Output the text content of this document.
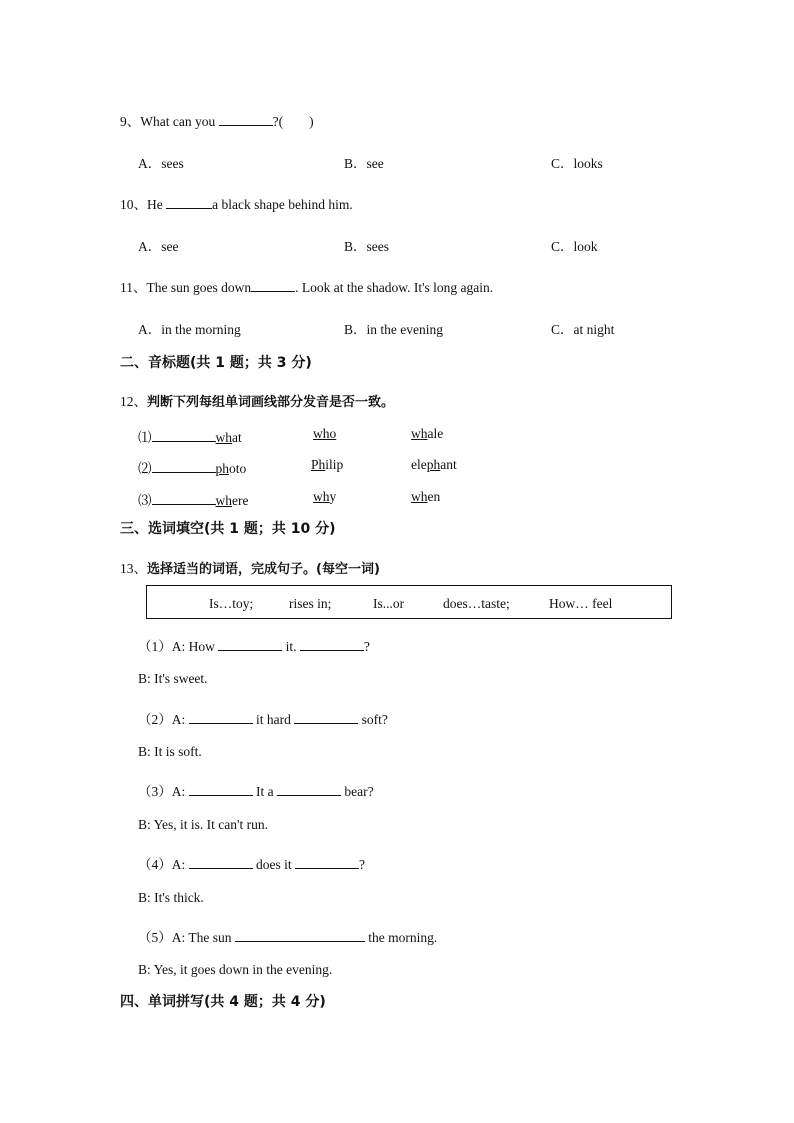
9、What can you	?( )
A．sees	B．see	C．looks
10、He	a black shape behind him.
A．see	B．sees	C．look
11、The sun goes down	. Look at the shadow. It's long again.
A．in the morning	B．in the evening	C．at night
二、音标题(共 1 题；共 3 分)
12、判断下列每组单词画线部分发音是否一致。
⑴	what	who	whale
⑵	photo	Philip	elephant
⑶	where	why	when
三、选词填空(共 1 题；共 10 分)
13、选择适当的词语，完成句子。(每空一词)
Is…toy;	rises in;	Is...or	does…taste;	How… feel
（1）A: How	it.	?
B: It's sweet.
（2）A:	it hard	soft?
B: It is soft.
（3）A:	It a	bear?
B: Yes, it is. It can't run.
（4）A:	does it	?
B: It's thick.
（5）A: The sun	the morning.
B: Yes, it goes down in the evening.
四、单词拼写(共 4 题；共 4 分)
